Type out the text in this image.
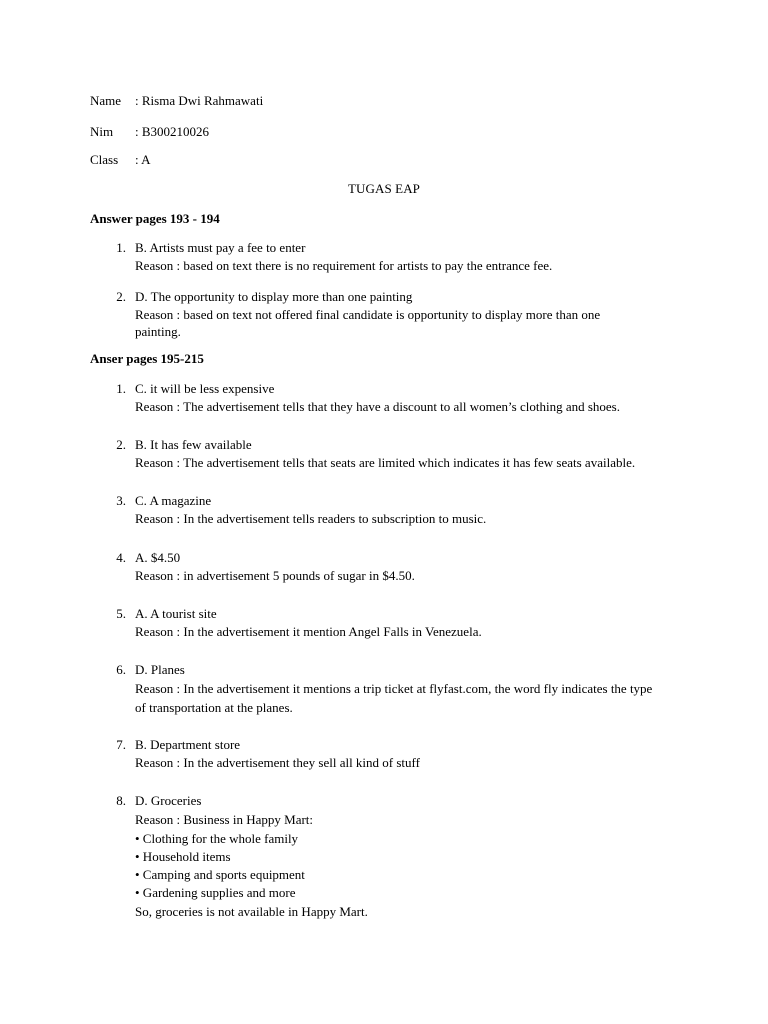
Name : Risma Dwi Rahmawati
Nim : B300210026
Class : A
TUGAS EAP
Answer pages 193 - 194
1. B. Artists must pay a fee to enter
Reason : based on text there is no requirement for artists to pay the entrance fee.
2. D. The opportunity to display more than one painting
Reason : based on text not offered final candidate is opportunity to display more than one painting.
Anser pages 195-215
1. C. it will be less expensive
Reason : The advertisement tells that they have a discount to all women’s clothing and shoes.
2. B. It has few available
Reason : The advertisement tells that seats are limited which indicates it has few seats available.
3. C. A magazine
Reason : In the advertisement tells readers to subscription to music.
4. A. $4.50
Reason : in advertisement 5 pounds of sugar in $4.50.
5. A. A tourist site
Reason : In the advertisement it mention Angel Falls in Venezuela.
6. D. Planes
Reason : In the advertisement it mentions a trip ticket at flyfast.com, the word fly indicates the type of transportation at the planes.
7. B. Department store
Reason : In the advertisement they sell all kind of stuff
8. D. Groceries
Reason : Business in Happy Mart:
• Clothing for the whole family
• Household items
• Camping and sports equipment
• Gardening supplies and more
So, groceries is not available in Happy Mart.
